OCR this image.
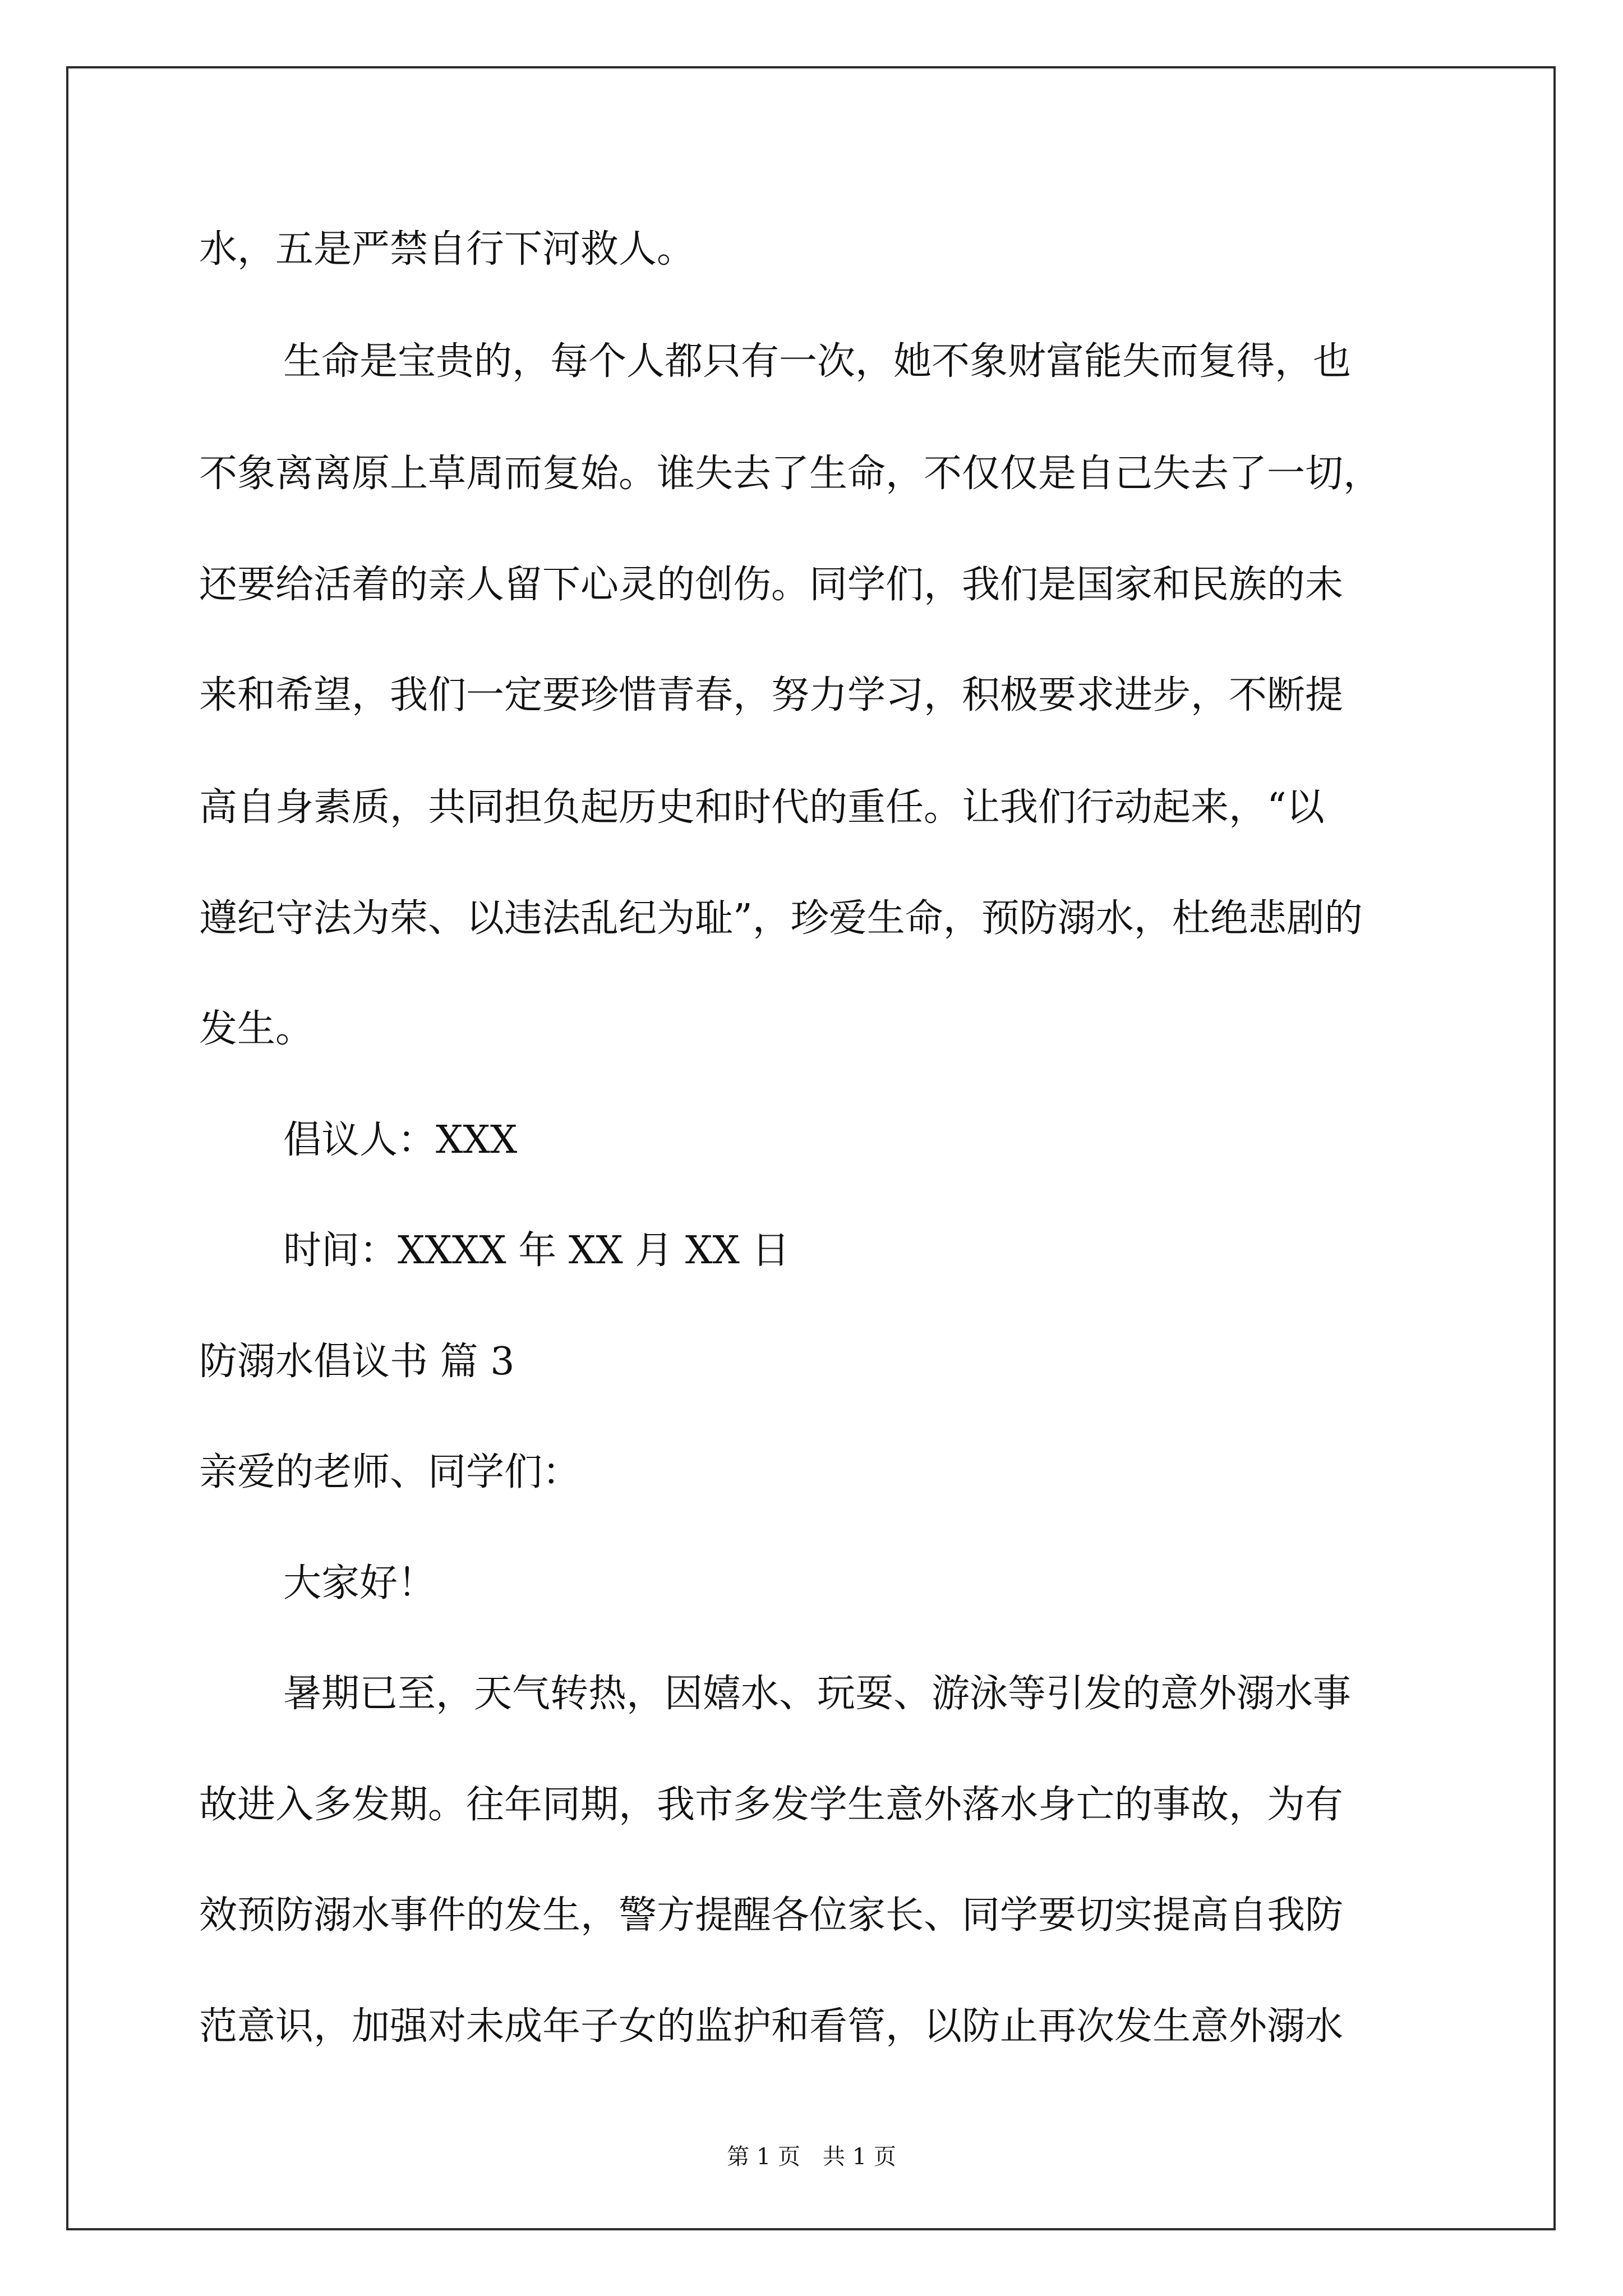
水，五是严禁自行下河救人。

生命是宝贵的，每个人都只有一次，她不象财富能失而复得，也

不象离离原上草周而复始。谁失去了生命，不仅仅是自己失去了一切，

还要给活着的亲人留下心灵的创伤。同学们，我们是国家和民族的未

来和希望，我们一定要珍惜青春，努力学习，积极要求进步，不断提

高自身素质，共同担负起历史和时代的重任。让我们行动起来，“以

遵纪守法为荣、以违法乱纪为耻”，珍爱生命，预防溺水，杜绝悲剧的

发生。

倡议人：XXX

时间：XXXX 年 XX 月 XX 日

防溺水倡议书 篇 3

亲爱的老师、同学们：

大家好！

暑期已至，天气转热，因嬉水、玩耍、游泳等引发的意外溺水事

故进入多发期。往年同期，我市多发学生意外落水身亡的事故，为有

效预防溺水事件的发生，警方提醒各位家长、同学要切实提高自我防

范意识，加强对未成年子女的监护和看管，以防止再次发生意外溺水

第 1 页　共 1 页
